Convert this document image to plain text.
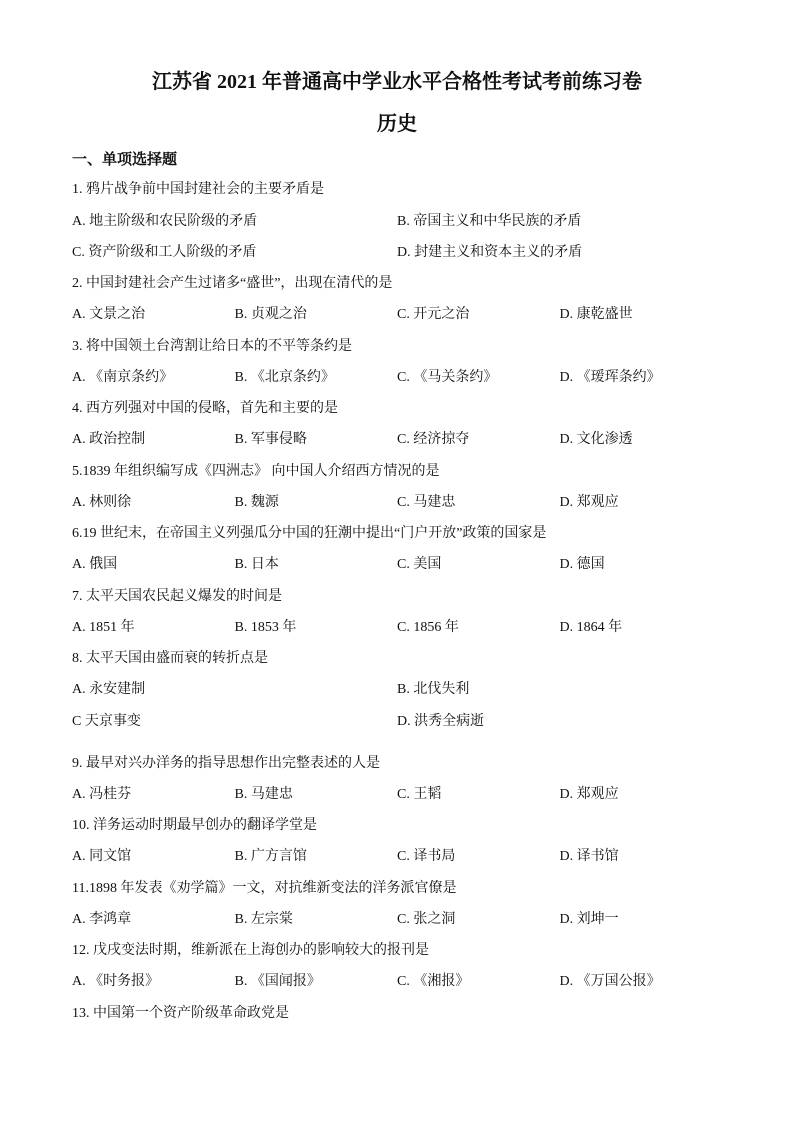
江苏省 2021 年普通高中学业水平合格性考试考前练习卷
历史
一、单项选择题
1. 鸦片战争前中国封建社会的主要矛盾是
A. 地主阶级和农民阶级的矛盾	B. 帝国主义和中华民族的矛盾
C. 资产阶级和工人阶级的矛盾	D. 封建主义和资本主义的矛盾
2. 中国封建社会产生过诸多“盛世”，出现在清代的是
A. 文景之治	B. 贞观之治	C. 开元之治	D. 康乾盛世
3. 将中国领土台湾割让给日本的不平等条约是
A. 《南京条约》	B. 《北京条约》	C. 《马关条约》	D. 《瑷珲条约》
4. 西方列强对中国的侵略，首先和主要的是
A. 政治控制	B. 军事侵略	C. 经济掠夺	D. 文化渗透
5.1839 年组织编写成《四洲志》 向中国人介绍西方情况的是
A. 林则徐	B. 魏源	C. 马建忠	D. 郑观应
6.19 世纪末，在帝国主义列强瓜分中国的狂潮中提出“门户开放”政策的国家是
A. 俄国	B. 日本	C. 美国	D. 德国
7. 太平天国农民起义爆发的时间是
A. 1851 年	B. 1853 年	C. 1856 年	D. 1864 年
8. 太平天国由盛而衰的转折点是
A. 永安建制	B. 北伐失利
C 天京事变	D. 洪秀全病逝
9. 最早对兴办洋务的指导思想作出完整表述的人是
A. 冯桂芬	B. 马建忠	C. 王韬	D. 郑观应
10. 洋务运动时期最早创办的翻译学堂是
A. 同文馆	B. 广方言馆	C. 译书局	D. 译书馆
11.1898 年发表《劝学篇》一文，对抗维新变法的洋务派官僚是
A. 李鸿章	B. 左宗棠	C. 张之洞	D. 刘坤一
12. 戊戌变法时期，维新派在上海创办的影响较大的报刊是
A. 《时务报》	B. 《国闻报》	C. 《湘报》	D. 《万国公报》
13. 中国第一个资产阶级革命政党是
